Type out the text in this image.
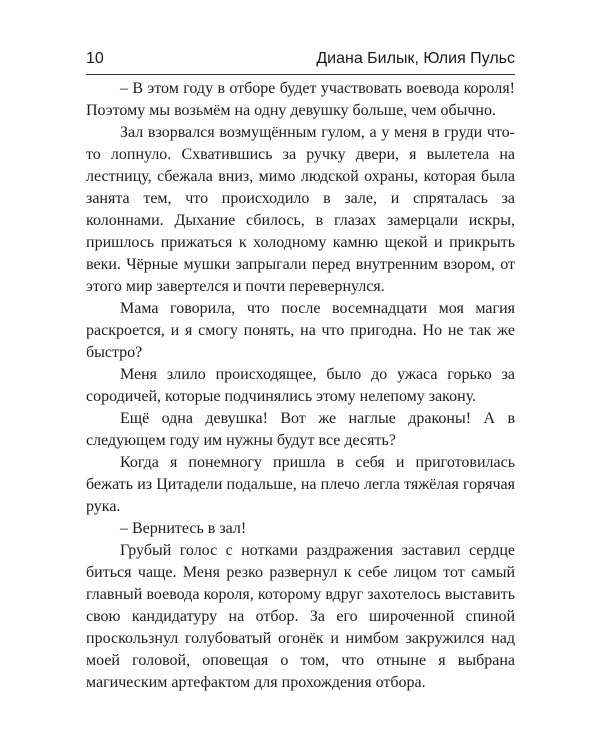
10	Диана Билык, Юлия Пульс

– В этом году в отборе будет участвовать воевода короля! Поэтому мы возьмём на одну девушку больше, чем обычно.

Зал взорвался возмущённым гулом, а у меня в груди что-то лопнуло. Схватившись за ручку двери, я вылетела на лестницу, сбежала вниз, мимо людской охраны, которая была занята тем, что происходило в зале, и спряталась за колоннами. Дыхание сбилось, в глазах замерцали искры, пришлось прижаться к холодному камню щекой и прикрыть веки. Чёрные мушки запрыгали перед внутренним взором, от этого мир завертелся и почти перевернулся.

Мама говорила, что после восемнадцати моя магия раскроется, и я смогу понять, на что пригодна. Но не так же быстро?

Меня злило происходящее, было до ужаса горько за сородичей, которые подчинялись этому нелепому закону.

Ещё одна девушка! Вот же наглые драконы! А в следующем году им нужны будут все десять?

Когда я понемногу пришла в себя и приготовилась бежать из Цитадели подальше, на плечо легла тяжёлая горячая рука.

– Вернитесь в зал!

Грубый голос с нотками раздражения заставил сердце биться чаще. Меня резко развернул к себе лицом тот самый главный воевода короля, которому вдруг захотелось выставить свою кандидатуру на отбор. За его широченной спиной проскользнул голубоватый огонёк и нимбом закружился над моей головой, оповещая о том, что отныне я выбрана магическим артефактом для прохождения отбора.
